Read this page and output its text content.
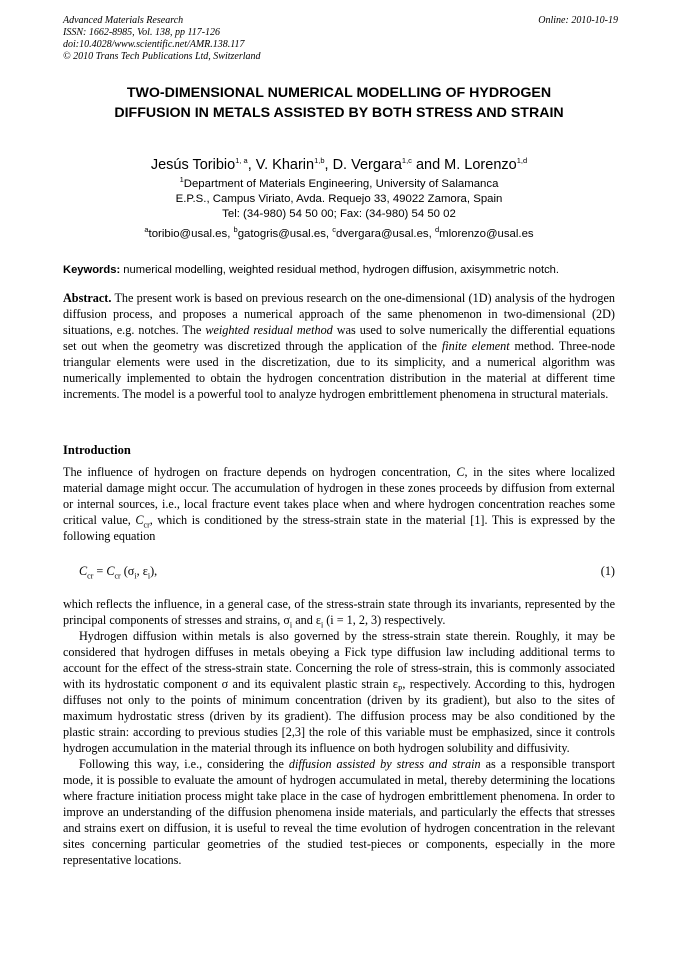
Advanced Materials Research
ISSN: 1662-8985, Vol. 138, pp 117-126
doi:10.4028/www.scientific.net/AMR.138.117
© 2010 Trans Tech Publications Ltd, Switzerland
Online: 2010-10-19
TWO-DIMENSIONAL NUMERICAL MODELLING OF HYDROGEN
DIFFUSION IN METALS ASSISTED BY BOTH STRESS AND STRAIN
Jesús Toribio$^{1, a}$, V. Kharin$^{1,b}$, D. Vergara$^{1,c}$ and M. Lorenzo$^{1,d}$
$^1$Department of Materials Engineering, University of Salamanca
E.P.S., Campus Viriato, Avda. Requejo 33, 49022 Zamora, Spain
Tel: (34-980) 54 50 00; Fax: (34-980) 54 50 02
$^a$toribio@usal.es, $^b$gatogris@usal.es, $^c$dvergara@usal.es, $^d$mlorenzo@usal.es
Keywords: numerical modelling, weighted residual method, hydrogen diffusion, axisymmetric notch.
Abstract. The present work is based on previous research on the one-dimensional (1D) analysis of the hydrogen diffusion process, and proposes a numerical approach of the same phenomenon in two-dimensional (2D) situations, e.g. notches. The weighted residual method was used to solve numerically the differential equations set out when the geometry was discretized through the application of the finite element method. Three-node triangular elements were used in the discretization, due to its simplicity, and a numerical algorithm was numerically implemented to obtain the hydrogen concentration distribution in the material at different time increments. The model is a powerful tool to analyze hydrogen embrittlement phenomena in structural materials.
Introduction
The influence of hydrogen on fracture depends on hydrogen concentration, C, in the sites where localized material damage might occur. The accumulation of hydrogen in these zones proceeds by diffusion from external or internal sources, i.e., local fracture event takes place when and where hydrogen concentration reaches some critical value, $C_{cr}$, which is conditioned by the stress-strain state in the material [1]. This is expressed by the following equation
$C_{cr} = C_{cr}$ ($\sigma_i$, $\varepsilon_i$),	(1)

which reflects the influence, in a general case, of the stress-strain state through its invariants, represented by the principal components of stresses and strains, $\sigma_i$ and $\varepsilon_i$ (i = 1, 2, 3) respectively.

Hydrogen diffusion within metals is also governed by the stress-strain state therein. Roughly, it may be considered that hydrogen diffuses in metals obeying a Fick type diffusion law including additional terms to account for the effect of the stress-strain state. Concerning the role of stress-strain, this is commonly associated with its hydrostatic component σ and its equivalent plastic strain $\varepsilon_P$, respectively. According to this, hydrogen diffuses not only to the points of minimum concentration (driven by its gradient), but also to the sites of maximum hydrostatic stress (driven by its gradient). The diffusion process may be also conditioned by the plastic strain: according to previous studies [2,3] the role of this variable must be emphasized, since it controls hydrogen accumulation in the material through its influence on both hydrogen solubility and diffusivity.

Following this way, i.e., considering the diffusion assisted by stress and strain as a responsible transport mode, it is possible to evaluate the amount of hydrogen accumulated in metal, thereby determining the locations where fracture initiation process might take place in the case of hydrogen embrittlement phenomena. In order to improve an understanding of the diffusion phenomena inside materials, and particularly the effects that stresses and strains exert on diffusion, it is useful to reveal the time evolution of hydrogen concentration in the relevant sites concerning particular geometries of the studied test-pieces or components, especially in the more representative locations.
